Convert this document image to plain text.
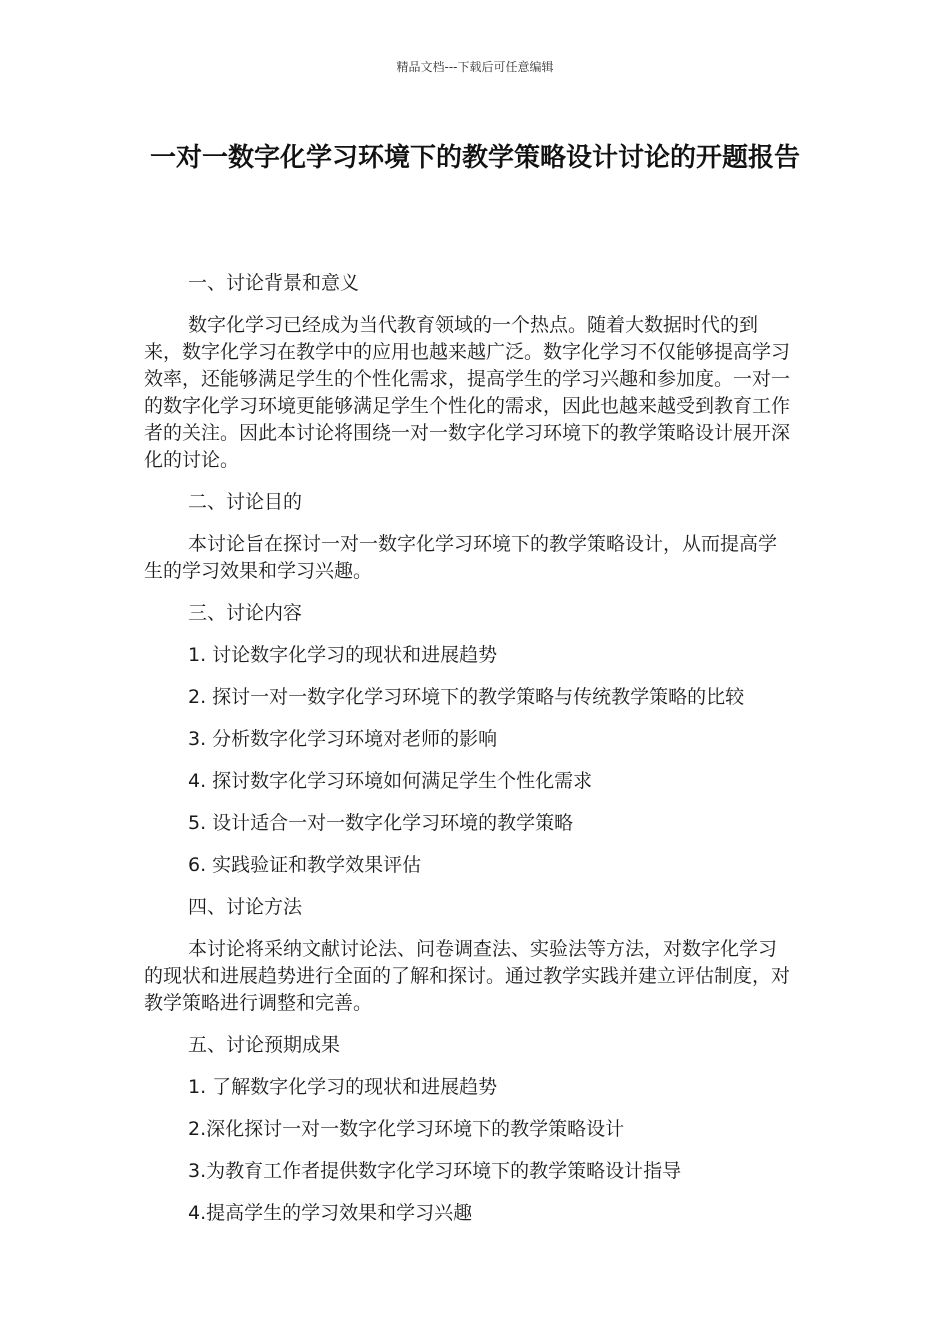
精品文档---下载后可任意编辑
一对一数字化学习环境下的教学策略设计讨论的开题报告

一、讨论背景和意义

数字化学习已经成为当代教育领域的一个热点。随着大数据时代的到来，数字化学习在教学中的应用也越来越广泛。数字化学习不仅能够提高学习效率，还能够满足学生的个性化需求，提高学生的学习兴趣和参加度。一对一的数字化学习环境更能够满足学生个性化的需求，因此也越来越受到教育工作者的关注。因此本讨论将围绕一对一数字化学习环境下的教学策略设计展开深化的讨论。

二、讨论目的

本讨论旨在探讨一对一数字化学习环境下的教学策略设计，从而提高学生的学习效果和学习兴趣。

三、讨论内容

1. 讨论数字化学习的现状和进展趋势

2. 探讨一对一数字化学习环境下的教学策略与传统教学策略的比较

3. 分析数字化学习环境对老师的影响

4. 探讨数字化学习环境如何满足学生个性化需求

5. 设计适合一对一数字化学习环境的教学策略

6. 实践验证和教学效果评估

四、讨论方法

本讨论将采纳文献讨论法、问卷调查法、实验法等方法，对数字化学习的现状和进展趋势进行全面的了解和探讨。通过教学实践并建立评估制度，对教学策略进行调整和完善。

五、讨论预期成果

1. 了解数字化学习的现状和进展趋势

2.深化探讨一对一数字化学习环境下的教学策略设计

3.为教育工作者提供数字化学习环境下的教学策略设计指导

4.提高学生的学习效果和学习兴趣
